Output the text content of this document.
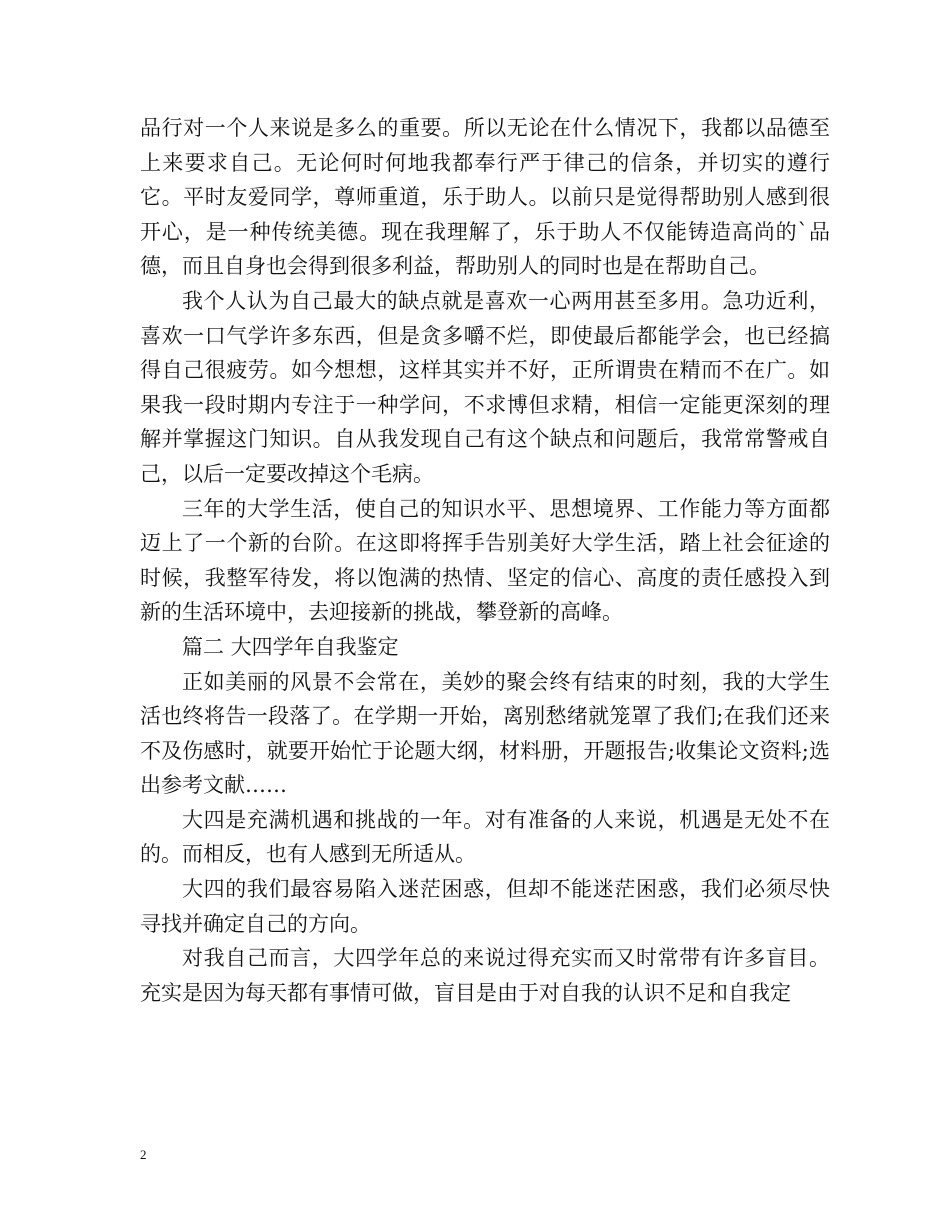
品行对一个人来说是多么的重要。所以无论在什么情况下，我都以品德至上来要求自己。无论何时何地我都奉行严于律己的信条，并切实的遵行它。平时友爱同学，尊师重道，乐于助人。以前只是觉得帮助别人感到很开心，是一种传统美德。现在我理解了，乐于助人不仅能铸造高尚的`品德，而且自身也会得到很多利益，帮助别人的同时也是在帮助自己。

我个人认为自己最大的缺点就是喜欢一心两用甚至多用。急功近利，喜欢一口气学许多东西，但是贪多嚼不烂，即使最后都能学会，也已经搞得自己很疲劳。如今想想，这样其实并不好，正所谓贵在精而不在广。如果我一段时期内专注于一种学问，不求博但求精，相信一定能更深刻的理解并掌握这门知识。自从我发现自己有这个缺点和问题后，我常常警戒自己，以后一定要改掉这个毛病。

三年的大学生活，使自己的知识水平、思想境界、工作能力等方面都迈上了一个新的台阶。在这即将挥手告别美好大学生活，踏上社会征途的时候，我整军待发，将以饱满的热情、坚定的信心、高度的责任感投入到新的生活环境中，去迎接新的挑战，攀登新的高峰。

篇二 大四学年自我鉴定

正如美丽的风景不会常在，美妙的聚会终有结束的时刻，我的大学生活也终将告一段落了。在学期一开始，离别愁绪就笼罩了我们;在我们还来不及伤感时，就要开始忙于论题大纲，材料册，开题报告;收集论文资料;选出参考文献……

大四是充满机遇和挑战的一年。对有准备的人来说，机遇是无处不在的。而相反，也有人感到无所适从。

大四的我们最容易陷入迷茫困惑，但却不能迷茫困惑，我们必须尽快寻找并确定自己的方向。

对我自己而言，大四学年总的来说过得充实而又时常带有许多盲目。充实是因为每天都有事情可做，盲目是由于对自我的认识不足和自我定

2
